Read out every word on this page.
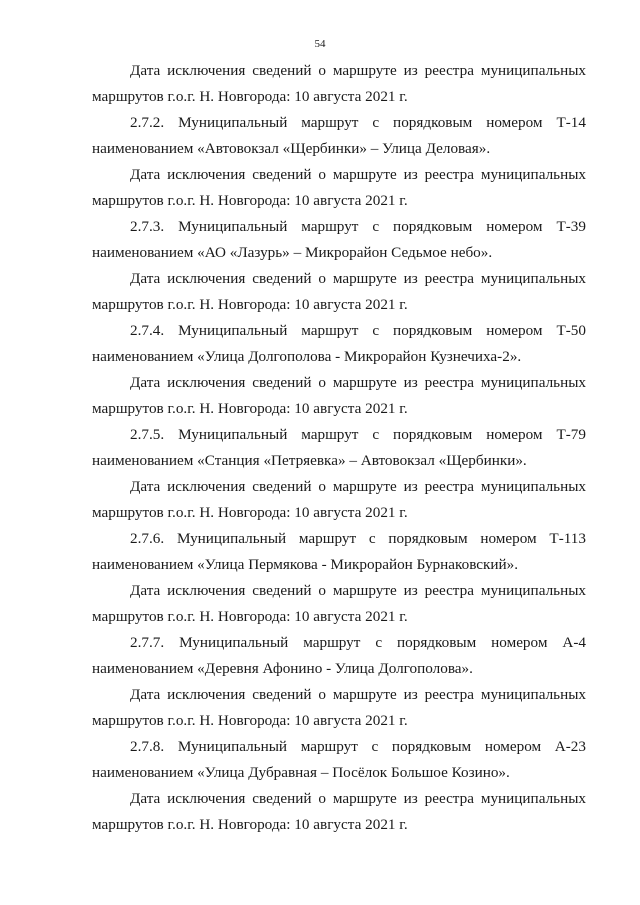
54

Дата исключения сведений о маршруте из реестра муниципальных
маршрутов г.о.г. Н. Новгорода: 10 августа 2021 г.

2.7.2. Муниципальный маршрут с порядковым номером Т-14
наименованием «Автовокзал «Щербинки» – Улица Деловая».

Дата исключения сведений о маршруте из реестра муниципальных
маршрутов г.о.г. Н. Новгорода: 10 августа 2021 г.

2.7.3. Муниципальный маршрут с порядковым номером Т-39
наименованием «АО «Лазурь» – Микрорайон Седьмое небо».

Дата исключения сведений о маршруте из реестра муниципальных
маршрутов г.о.г. Н. Новгорода: 10 августа 2021 г.

2.7.4. Муниципальный маршрут с порядковым номером Т-50
наименованием «Улица Долгополова - Микрорайон Кузнечиха-2».

Дата исключения сведений о маршруте из реестра муниципальных
маршрутов г.о.г. Н. Новгорода: 10 августа 2021 г.

2.7.5. Муниципальный маршрут с порядковым номером Т-79
наименованием «Станция «Петряевка» – Автовокзал «Щербинки».

Дата исключения сведений о маршруте из реестра муниципальных
маршрутов г.о.г. Н. Новгорода: 10 августа 2021 г.

2.7.6. Муниципальный маршрут с порядковым номером Т-113
наименованием «Улица Пермякова - Микрорайон Бурнаковский».

Дата исключения сведений о маршруте из реестра муниципальных
маршрутов г.о.г. Н. Новгорода: 10 августа 2021 г.

2.7.7. Муниципальный маршрут с порядковым номером А-4
наименованием «Деревня Афонино - Улица Долгополова».

Дата исключения сведений о маршруте из реестра муниципальных
маршрутов г.о.г. Н. Новгорода: 10 августа 2021 г.

2.7.8. Муниципальный маршрут с порядковым номером А-23
наименованием «Улица Дубравная – Посёлок Большое Козино».

Дата исключения сведений о маршруте из реестра муниципальных
маршрутов г.о.г. Н. Новгорода: 10 августа 2021 г.
